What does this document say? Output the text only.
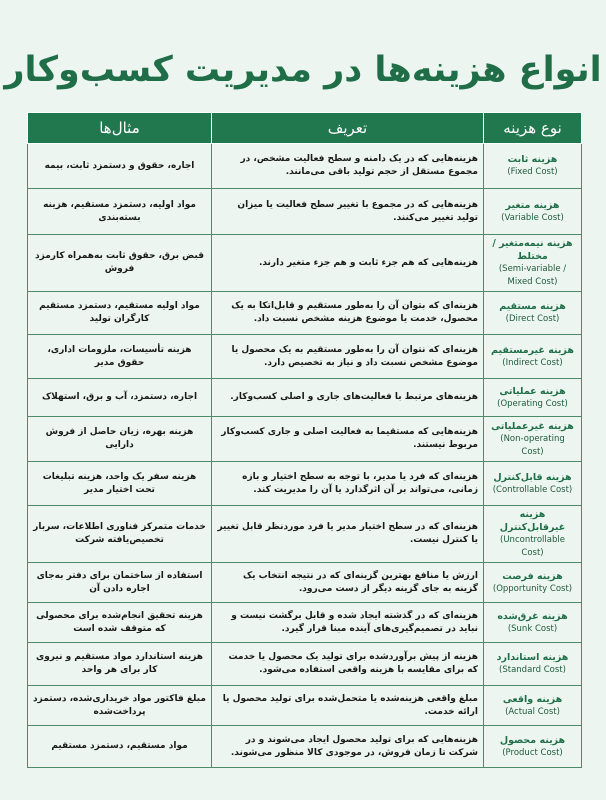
انواع هزینه‌ها در مدیریت کسب‌وکار
نوع هزینه	تعریف	مثال‌ها
هزینه ثابت
(Fixed Cost)	هزینه‌هایی که در یک دامنه و سطح فعالیت مشخص، در مجموع مستقل از حجم تولید باقی می‌مانند.	اجاره، حقوق و دستمزد ثابت، بیمه
هزینه متغیر
(Variable Cost)	هزینه‌هایی که در مجموع با تغییر سطح فعالیت یا میزان تولید تغییر می‌کنند.	مواد اولیه، دستمزد مستقیم، هزینه بسته‌بندی
هزینه نیمه‌متغیر / مختلط
(Semi-variable / Mixed Cost)	هزینه‌هایی که هم جزء ثابت و هم جزء متغیر دارند.	قبض برق، حقوق ثابت به‌همراه کارمزد فروش
هزینه مستقیم
(Direct Cost)	هزینه‌ای که بتوان آن را به‌طور مستقیم و قابل‌اتکا به یک محصول، خدمت یا موضوع هزینه مشخص نسبت داد.	مواد اولیه مستقیم، دستمزد مستقیم کارگران تولید
هزینه غیرمستقیم
(Indirect Cost)	هزینه‌ای که نتوان آن را به‌طور مستقیم به یک محصول یا موضوع مشخص نسبت داد و نیاز به تخصیص دارد.	هزینه تأسیسات، ملزومات اداری، حقوق مدیر
هزینه عملیاتی
(Operating Cost)	هزینه‌های مرتبط با فعالیت‌های جاری و اصلی کسب‌وکار.	اجاره، دستمزد، آب و برق، استهلاک
هزینه غیرعملیاتی
(Non-operating Cost)	هزینه‌هایی که مستقیما به فعالیت اصلی و جاری کسب‌وکار مربوط نیستند.	هزینه بهره، زیان حاصل از فروش دارایی
هزینه قابل‌کنترل
(Controllable Cost)	هزینه‌ای که فرد یا مدیر، با توجه به سطح اختیار و بازه زمانی، می‌تواند بر آن اثرگذارد یا آن را مدیریت کند.	هزینه سفر یک واحد، هزینه تبلیغات تحت اختیار مدیر
هزینه غیرقابل‌کنترل
(Uncontrollable Cost)	هزینه‌ای که در سطح اختیار مدیر یا فرد موردنظر قابل تغییر یا کنترل نیست.	خدمات متمرکز فناوری اطلاعات، سربار تخصیص‌یافته شرکت
هزینه فرصت
(Opportunity Cost)	ارزش یا منافع بهترین گزینه‌ای که در نتیجه انتخاب یک گزینه به جای گزینه دیگر از دست می‌رود.	استفاده از ساختمان برای دفتر به‌جای اجاره دادن آن
هزینه غرق‌شده
(Sunk Cost)	هزینه‌ای که در گذشته ایجاد شده و قابل برگشت نیست و نباید در تصمیم‌گیری‌های آینده مبنا قرار گیرد.	هزینه تحقیق انجام‌شده برای محصولی که متوقف شده است
هزینه استاندارد
(Standard Cost)	هزینه از پیش برآوردشده برای تولید یک محصول یا خدمت که برای مقایسه با هزینه واقعی استفاده می‌شود.	هزینه استاندارد مواد مستقیم و نیروی کار برای هر واحد
هزینه واقعی
(Actual Cost)	مبلغ واقعی هزینه‌شده یا متحمل‌شده برای تولید محصول یا ارائه خدمت.	مبلغ فاکتور مواد خریداری‌شده، دستمزد پرداخت‌شده
هزینه محصول
(Product Cost)	هزینه‌هایی که برای تولید محصول ایجاد می‌شوند و در شرکت تا زمان فروش، در موجودی کالا منظور می‌شوند.	مواد مستقیم، دستمزد مستقیم
